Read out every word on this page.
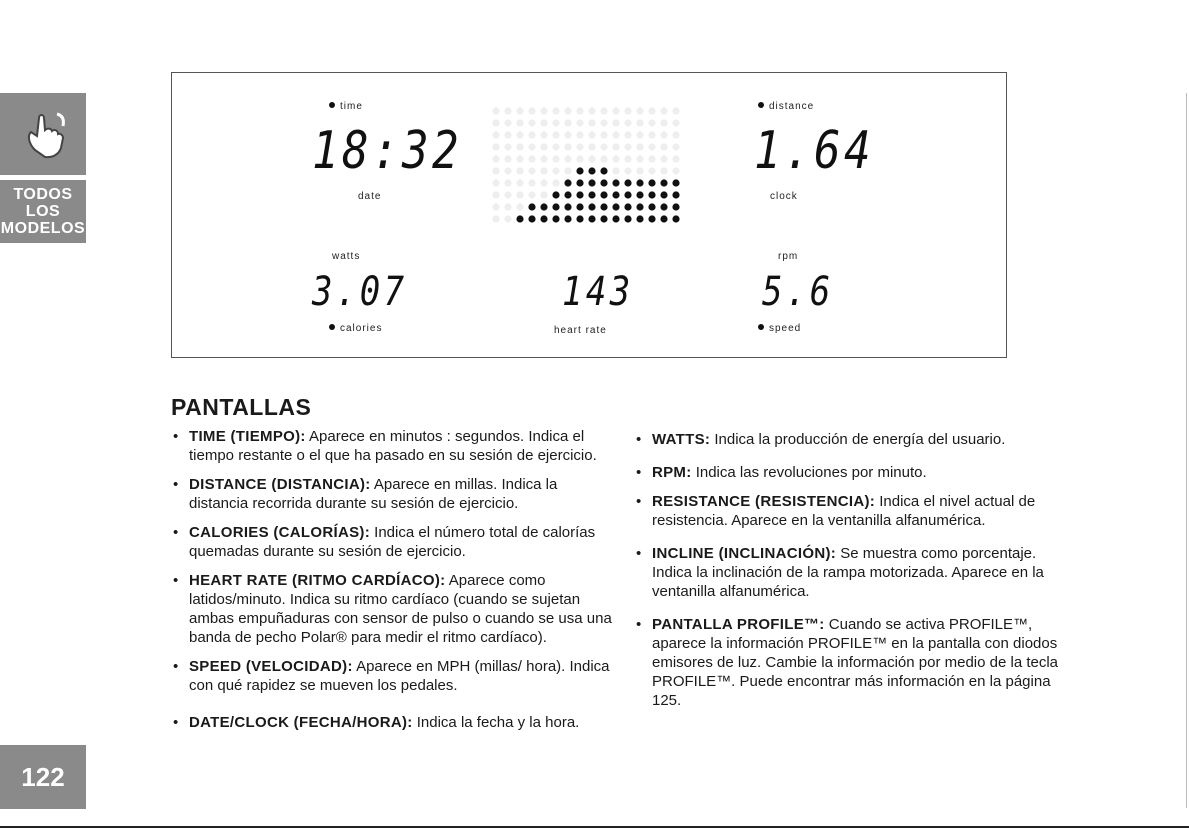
TODOS
LOS
MODELOS
122
time
18:32
date
distance
1.64
clock
watts
3.07
calories
143
heart rate
rpm
5.6
speed
PANTALLAS
• TIME (TIEMPO): Aparece en minutos : segundos. Indica el tiempo restante o el que ha pasado en su sesión de ejercicio.
• DISTANCE (DISTANCIA): Aparece en millas. Indica la distancia recorrida durante su sesión de ejercicio.
• CALORIES (CALORÍAS): Indica el número total de calorías quemadas durante su sesión de ejercicio.
• HEART RATE (RITMO CARDÍACO): Aparece como latidos/minuto. Indica su ritmo cardíaco (cuando se sujetan ambas empuñaduras con sensor de pulso o cuando se usa una banda de pecho Polar® para medir el ritmo cardíaco).
• SPEED (VELOCIDAD): Aparece en MPH (millas/ hora). Indica con qué rapidez se mueven los pedales.
• DATE/CLOCK (FECHA/HORA): Indica la fecha y la hora.
• WATTS: Indica la producción de energía del usuario.
• RPM: Indica las revoluciones por minuto.
• RESISTANCE (RESISTENCIA): Indica el nivel actual de resistencia. Aparece en la ventanilla alfanumérica.
• INCLINE (INCLINACIÓN): Se muestra como porcentaje. Indica la inclinación de la rampa motorizada. Aparece en la ventanilla alfanumérica.
• PANTALLA PROFILE™: Cuando se activa PROFILE™, aparece la información PROFILE™ en la pantalla con diodos emisores de luz. Cambie la información por medio de la tecla PROFILE™. Puede encontrar más información en la página 125.
